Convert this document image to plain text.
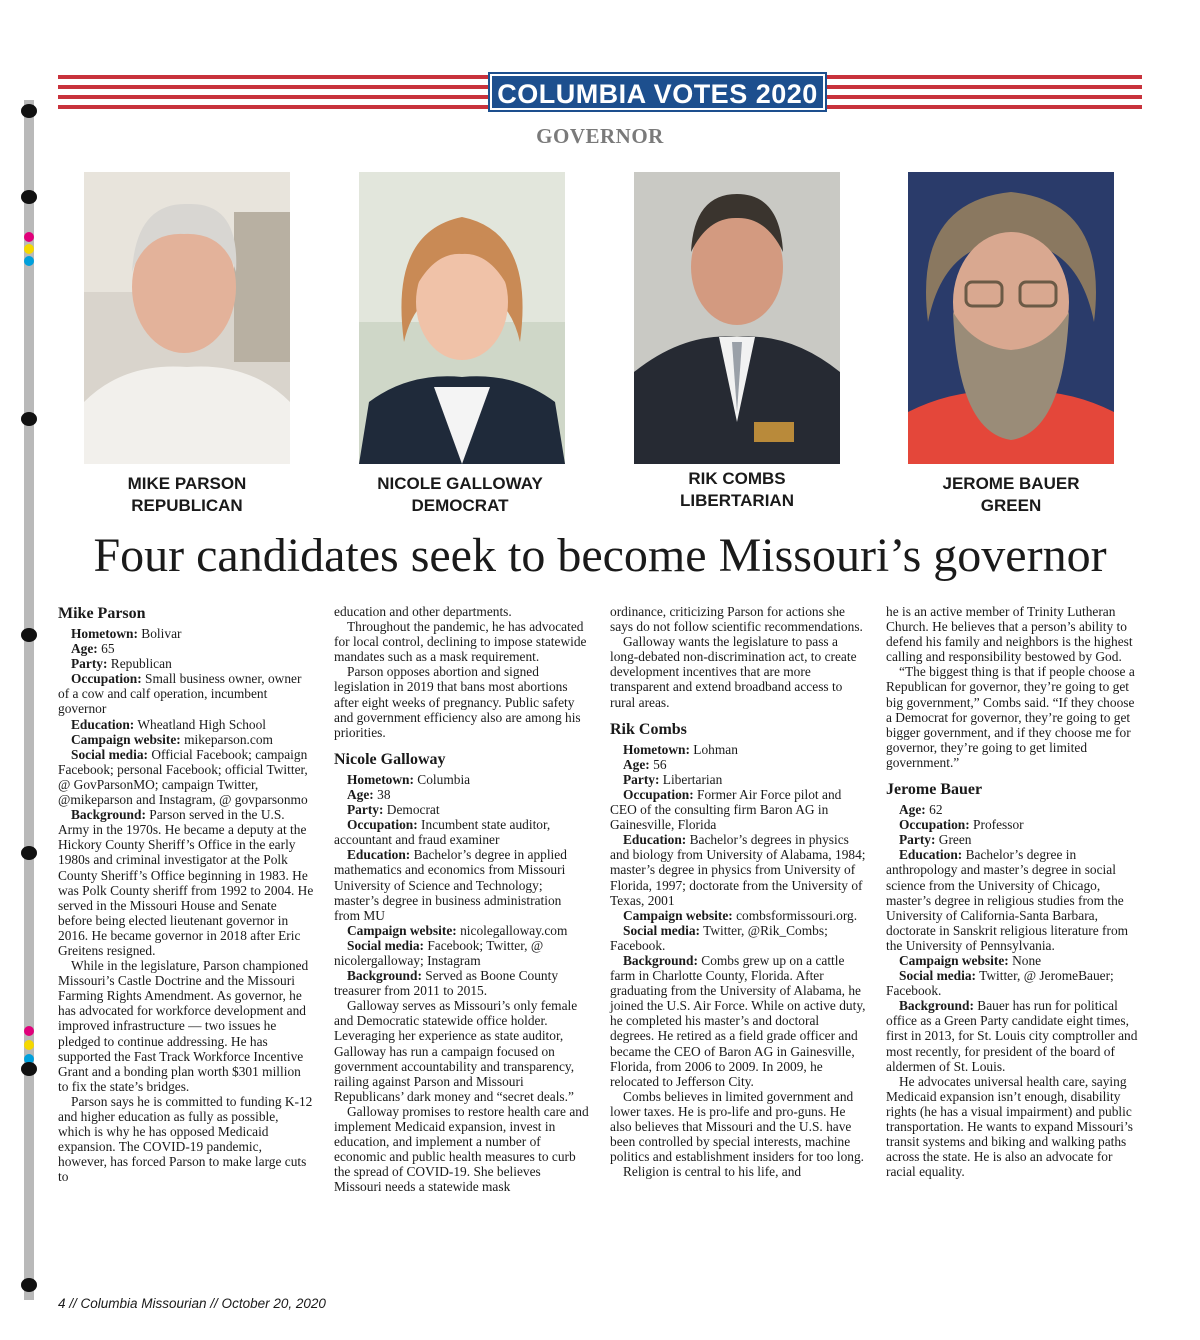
COLUMBIA VOTES 2020
GOVERNOR
MIKE PARSON
REPUBLICAN
NICOLE GALLOWAY
DEMOCRAT
RIK COMBS
LIBERTARIAN
JEROME BAUER
GREEN
Four candidates seek to become Missouri’s governor
Mike Parson
Hometown: Bolivar
Age: 65
Party: Republican
Occupation: Small business owner, owner of a cow and calf operation, incumbent governor
Education: Wheatland High School
Campaign website: mikeparson.com
Social media: Official Facebook; campaign Facebook; personal Facebook; official Twitter, @ GovParsonMO; campaign Twitter, @mikeparson and Instagram, @ govparsonmo
Background: Parson served in the U.S. Army in the 1970s. He became a deputy at the Hickory County Sheriff’s Office in the early 1980s and criminal investigator at the Polk County Sheriff’s Office beginning in 1983. He was Polk County sheriff from 1992 to 2004. He served in the Missouri House and Senate before being elected lieutenant governor in 2016. He became governor in 2018 after Eric Greitens resigned.

While in the legislature, Parson championed Missouri’s Castle Doctrine and the Missouri Farming Rights Amendment. As governor, he has advocated for workforce development and improved infrastructure — two issues he pledged to continue addressing. He has supported the Fast Track Workforce Incentive Grant and a bonding plan worth $301 million to fix the state’s bridges.

Parson says he is committed to funding K-12 and higher education as fully as possible, which is why he has opposed Medicaid expansion. The COVID-19 pandemic, however, has forced Parson to make large cuts to

education and other departments.

Throughout the pandemic, he has advocated for local control, declining to impose statewide mandates such as a mask requirement.

Parson opposes abortion and signed legislation in 2019 that bans most abortions after eight weeks of pregnancy. Public safety and government efficiency also are among his priorities.

Nicole Galloway
Hometown: Columbia
Age: 38
Party: Democrat
Occupation: Incumbent state auditor, accountant and fraud examiner
Education: Bachelor’s degree in applied mathematics and economics from Missouri University of Science and Technology; master’s degree in business administration from MU
Campaign website: nicolegalloway.com
Social media: Facebook; Twitter, @ nicolergalloway; Instagram
Background: Served as Boone County treasurer from 2011 to 2015.

Galloway serves as Missouri’s only female and Democratic statewide office holder. Leveraging her experience as state auditor, Galloway has run a campaign focused on government accountability and transparency, railing against Parson and Missouri Republicans’ dark money and “secret deals.”

Galloway promises to restore health care and implement Medicaid expansion, invest in education, and implement a number of economic and public health measures to curb the spread of COVID-19. She believes Missouri needs a statewide mask

ordinance, criticizing Parson for actions she says do not follow scientific recommendations.

Galloway wants the legislature to pass a long-debated non-discrimination act, to create development incentives that are more transparent and extend broadband access to rural areas.

Rik Combs
Hometown: Lohman
Age: 56
Party: Libertarian
Occupation: Former Air Force pilot and CEO of the consulting firm Baron AG in Gainesville, Florida
Education: Bachelor’s degrees in physics and biology from University of Alabama, 1984; master’s degree in physics from University of Florida, 1997; doctorate from the University of Texas, 2001
Campaign website: combsformissouri.org.
Social media: Twitter, @Rik_Combs; Facebook.
Background: Combs grew up on a cattle farm in Charlotte County, Florida. After graduating from the University of Alabama, he joined the U.S. Air Force. While on active duty, he completed his master’s and doctoral degrees. He retired as a field grade officer and became the CEO of Baron AG in Gainesville, Florida, from 2006 to 2009. In 2009, he relocated to Jefferson City.

Combs believes in limited government and lower taxes. He is pro-life and pro-guns. He also believes that Missouri and the U.S. have been controlled by special interests, machine politics and establishment insiders for too long.

Religion is central to his life, and

he is an active member of Trinity Lutheran Church. He believes that a person’s ability to defend his family and neighbors is the highest calling and responsibility bestowed by God.

“The biggest thing is that if people choose a Republican for governor, they’re going to get big government,” Combs said. “If they choose a Democrat for governor, they’re going to get bigger government, and if they choose me for governor, they’re going to get limited government.”

Jerome Bauer
Age: 62
Occupation: Professor
Party: Green
Education: Bachelor’s degree in anthropology and master’s degree in social science from the University of Chicago, master’s degree in religious studies from the University of California-Santa Barbara, doctorate in Sanskrit religious literature from the University of Pennsylvania.
Campaign website: None
Social media: Twitter, @ JeromeBauer; Facebook.
Background: Bauer has run for political office as a Green Party candidate eight times, first in 2013, for St. Louis city comptroller and most recently, for president of the board of aldermen of St. Louis.

He advocates universal health care, saying Medicaid expansion isn’t enough, disability rights (he has a visual impairment) and public transportation. He wants to expand Missouri’s transit systems and biking and walking paths across the state. He is also an advocate for racial equality.

4 // Columbia Missourian // October 20, 2020
